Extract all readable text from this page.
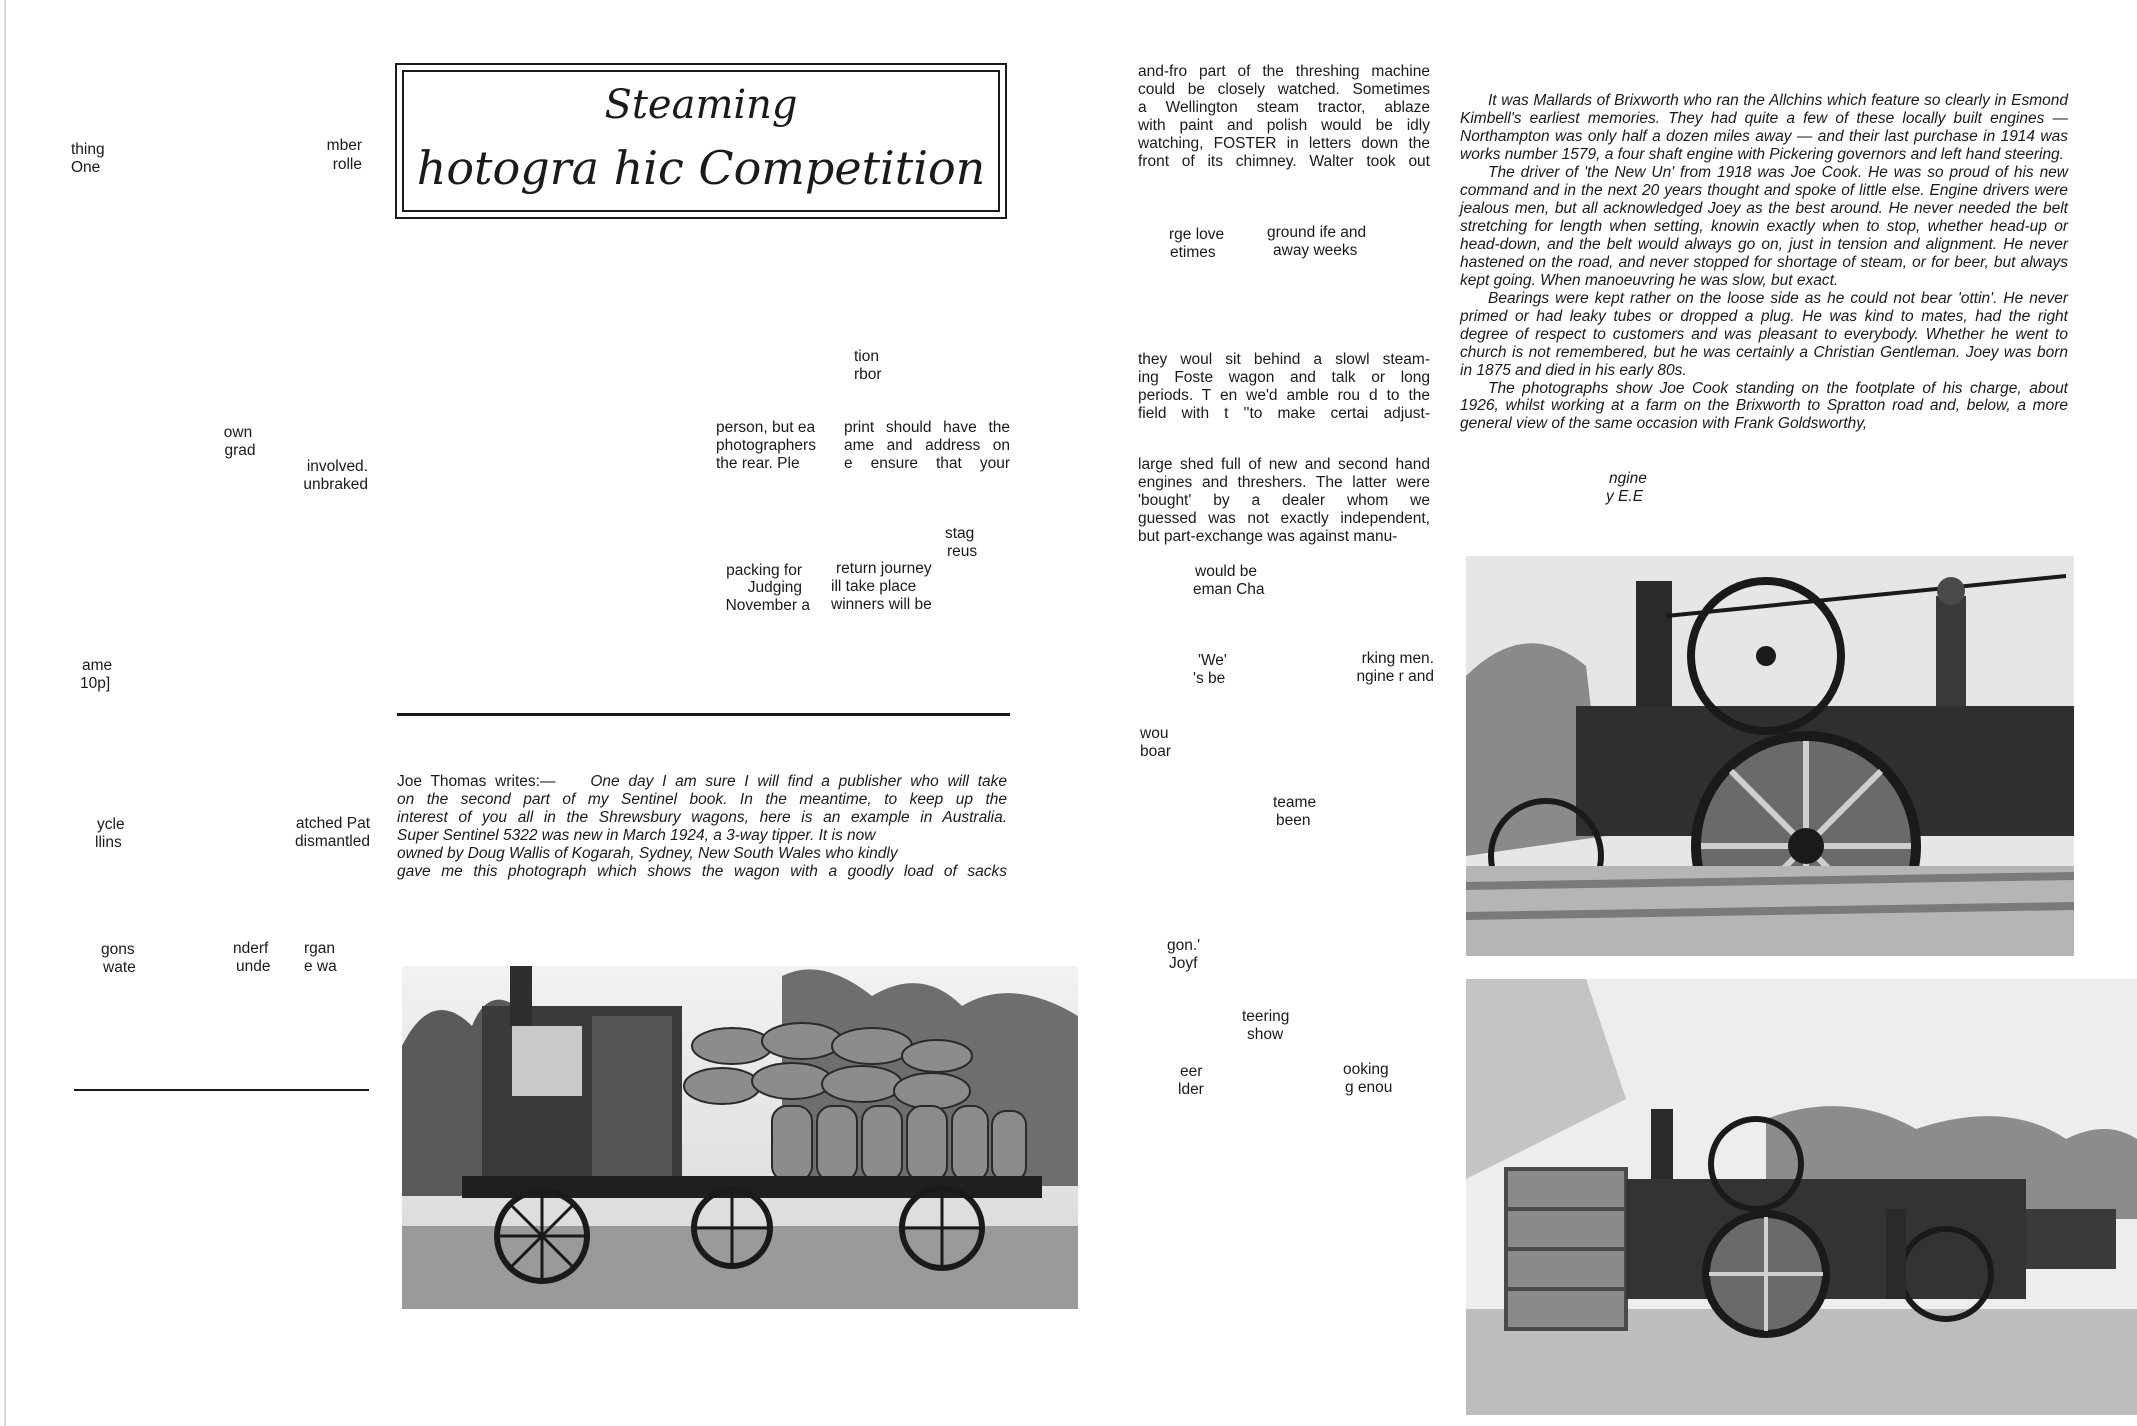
thing
One
mber
rolle
own
grad
involved.
unbraked
ame
10p]
ycle
llins
atched Pat
dismantled
gons
wate
nderf
unde
rgan
e wa
Steaming
hotogra hic Competition
tion
rbor
person, but ea
photographers
the rear. Ple
print should have the
ame and address on
e ensure that your
stag
reus
packing for
Judging
November a
return journey
ill take place
winners will be

Joe Thomas writes:— One day I am sure I will find a publisher who will take

on the second part of my Sentinel book. In the meantime, to keep up the

interest of you all in the Shrewsbury wagons, here is an example in Australia.

Super Sentinel 5322 was new in March 1924, a 3-way tipper. It is now

owned by Doug Wallis of Kogarah, Sydney, New South Wales who kindly

gave me this photograph which shows the wagon with a goodly load of sacks

and-fro part of the threshing machine
could be closely watched. Sometimes
a Wellington steam tractor, ablaze
with paint and polish would be idly
watching, FOSTER in letters down the
front of its chimney. Walter took out
rge love
etimes
ground ife and
away weeks
they woul sit behind a slowl steam-
ing Foste wagon and talk or long
periods. T en we'd amble rou d to the
field with t ''to make certai adjust-
large shed full of new and second hand
engines and threshers. The latter were
'bought' by a dealer whom we
guessed was not exactly independent,
but part-exchange was against manu-
would be
eman Cha
'We'
's be
rking men.
ngine r and
wou
boar
teame
been
gon.'
Joyf
teering
show
eer
lder
ooking
g enou

It was Mallards of Brixworth who ran the Allchins which feature so clearly in Esmond Kimbell's earliest memories. They had quite a few of these locally built engines — Northampton was only half a dozen miles away — and their last purchase in 1914 was works number 1579, a four shaft engine with Pickering governors and left hand steering.

The driver of 'the New Un' from 1918 was Joe Cook. He was so proud of his new command and in the next 20 years thought and spoke of little else. Engine drivers were jealous men, but all acknowledged Joey as the best around. He never needed the belt stretching for length when setting, knowin exactly when to stop, whether head-up or head-down, and the belt would always go on, just in tension and alignment. He never hastened on the road, and never stopped for shortage of steam, or for beer, but always kept going. When manoeuvring he was slow, but exact.

Bearings were kept rather on the loose side as he could not bear 'ottin'. He never primed or had leaky tubes or dropped a plug. He was kind to mates, had the right degree of respect to customers and was pleasant to everybody. Whether he went to church is not remembered, but he was certainly a Christian Gentleman. Joey was born in 1875 and died in his early 80s.

The photographs show Joe Cook standing on the footplate of his charge, about 1926, whilst working at a farm on the Brixworth to Spratton road and, below, a more general view of the same occasion with Frank Goldsworthy,

ngine
y E.E
